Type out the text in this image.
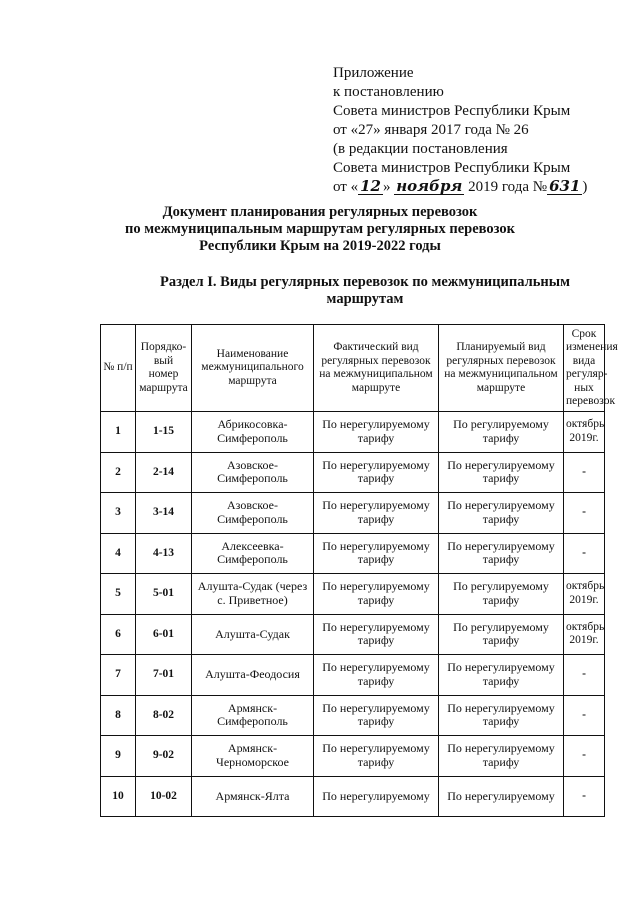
Приложение
к постановлению
Совета министров Республики Крым
от «27» января 2017 года № 26
(в редакции постановления
Совета министров Республики Крым
от « 12 » ноября 2019 года № 631 )
Документ планирования регулярных перевозок
по межмуниципальным маршрутам регулярных перевозок
Республики Крым на 2019-2022 годы
Раздел I. Виды регулярных перевозок по межмуниципальным
маршрутам
№ п/п	Порядко-вый номер маршрута	Наименование межмуниципального маршрута	Фактический вид регулярных перевозок на межмуниципальном маршруте	Планируемый вид регулярных перевозок на межмуниципальном маршруте	Срок изменения вида регуляр-ных перевозок
1	1-15	Абрикосовка-Симферополь	По нерегулируемому тарифу	По регулируемому тарифу	октябрь 2019г.
2	2-14	Азовское-Симферополь	По нерегулируемому тарифу	По нерегулируемому тарифу	-
3	3-14	Азовское-Симферополь	По нерегулируемому тарифу	По нерегулируемому тарифу	-
4	4-13	Алексеевка-Симферополь	По нерегулируемому тарифу	По нерегулируемому тарифу	-
5	5-01	Алушта-Судак (через с. Приветное)	По нерегулируемому тарифу	По регулируемому тарифу	октябрь 2019г.
6	6-01	Алушта-Судак	По нерегулируемому тарифу	По регулируемому тарифу	октябрь 2019г.
7	7-01	Алушта-Феодосия	По нерегулируемому тарифу	По нерегулируемому тарифу	-
8	8-02	Армянск-Симферополь	По нерегулируемому тарифу	По нерегулируемому тарифу	-
9	9-02	Армянск-Черноморское	По нерегулируемому тарифу	По нерегулируемому тарифу	-
10	10-02	Армянск-Ялта	По нерегулируемому	По нерегулируемому	-
